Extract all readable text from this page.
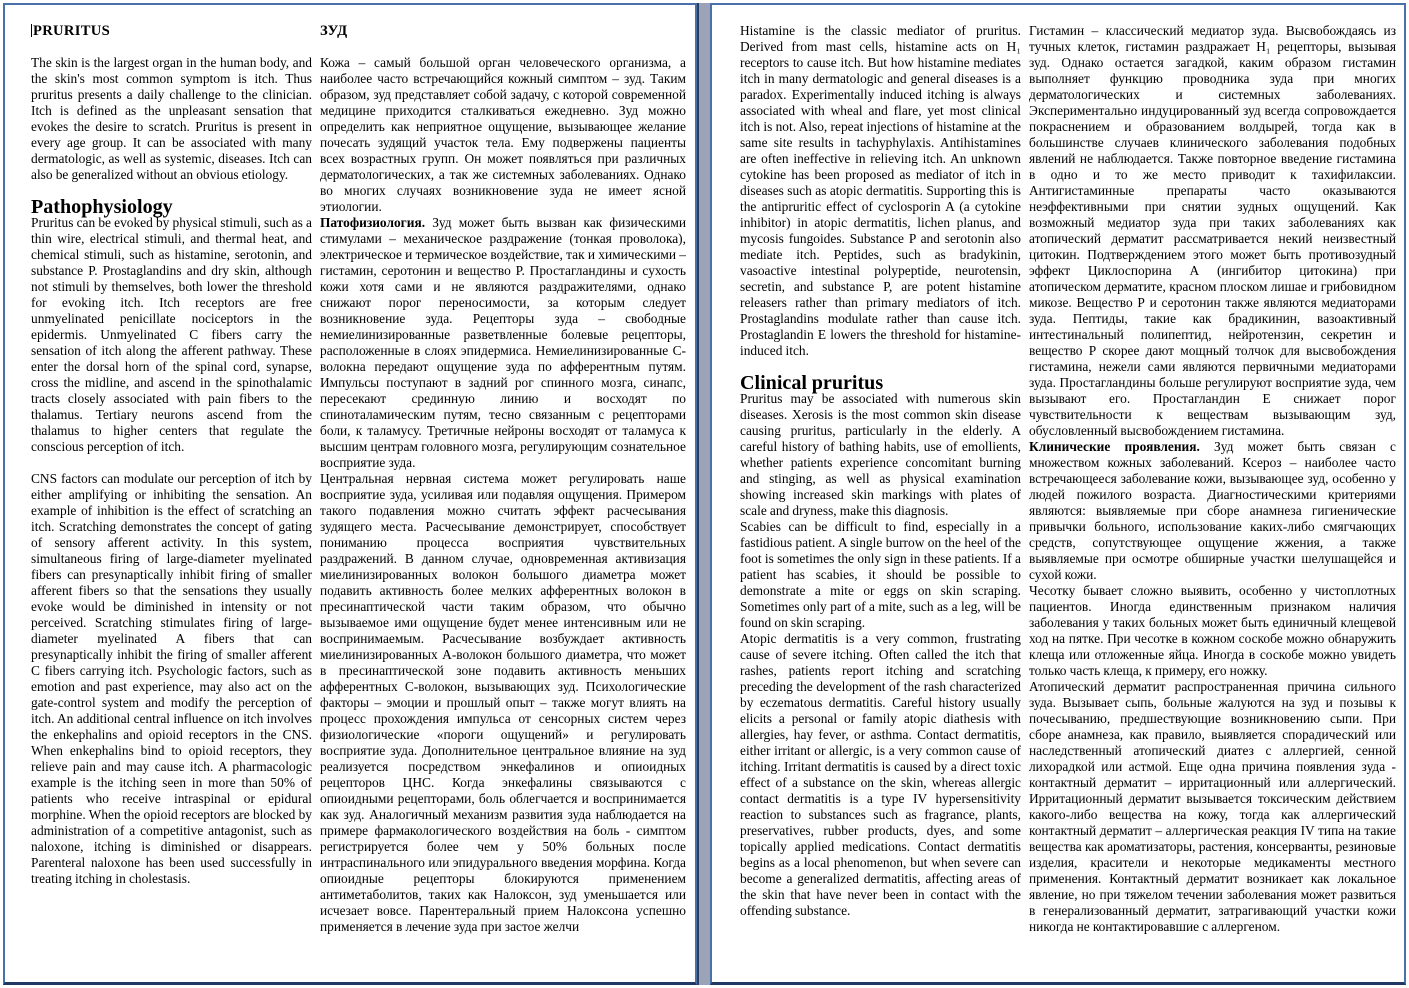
PRURITUS

The skin is the largest organ in the human body, and the skin's most common symptom is itch. Thus pruritus presents a daily challenge to the clinician. Itch is defined as the unpleasant sensation that evokes the desire to scratch. Pruritus is present in every age group. It can be associated with many dermatologic, as well as systemic, diseases. Itch can also be generalized without an obvious etiology.

Pathophysiology

Pruritus can be evoked by physical stimuli, such as a thin wire, electrical stimuli, and thermal heat, and chemical stimuli, such as histamine, serotonin, and substance P. Prostaglandins and dry skin, although not stimuli by themselves, both lower the threshold for evoking itch. Itch receptors are free unmyelinated penicillate nociceptors in the epidermis. Unmyelinated C fibers carry the sensation of itch along the afferent pathway. These enter the dorsal horn of the spinal cord, synapse, cross the midline, and ascend in the spinothalamic tracts closely associated with pain fibers to the thalamus. Tertiary neurons ascend from the thalamus to higher centers that regulate the conscious perception of itch.

CNS factors can modulate our perception of itch by either amplifying or inhibiting the sensation. An example of inhibition is the effect of scratching an itch. Scratching demonstrates the concept of gating of sensory afferent activity. In this system, simultaneous firing of large-diameter myelinated fibers can presynaptically inhibit firing of smaller afferent fibers so that the sensations they usually evoke would be diminished in intensity or not perceived. Scratching stimulates firing of large-diameter myelinated A fibers that can presynaptically inhibit the firing of smaller afferent C fibers carrying itch. Psychologic factors, such as emotion and past experience, may also act on the gate-control system and modify the perception of itch. An additional central influence on itch involves the enkephalins and opioid receptors in the CNS. When enkephalins bind to opioid receptors, they relieve pain and may cause itch. A pharmacologic example is the itching seen in more than 50% of patients who receive intraspinal or epidural morphine. When the opioid receptors are blocked by administration of a competitive antagonist, such as naloxone, itching is diminished or disappears. Parenteral naloxone has been used successfully in treating itching in cholestasis.

ЗУД

Кожа – самый большой орган человеческого организма, а наиболее часто встречающийся кожный симптом – зуд. Таким образом, зуд представляет собой задачу, с которой современной медицине приходится сталкиваться ежедневно. Зуд можно определить как неприятное ощущение, вызывающее желание почесать зудящий участок тела. Ему подвержены пациенты всех возрастных групп. Он может появляться при различных дерматологических, а так же системных заболеваниях. Однако во многих случаях возникновение зуда не имеет ясной этиологии.

Патофизиология. Зуд может быть вызван как физическими стимулами – механическое раздражение (тонкая проволока), электрическое и термическое воздействие, так и химическими – гистамин, серотонин и вещество P. Простагландины и сухость кожи хотя сами и не являются раздражителями, однако снижают порог переносимости, за которым следует возникновение зуда. Рецепторы зуда – свободные немиелинизированные разветвленные болевые рецепторы, расположенные в слоях эпидермиса. Немиелинизированные С-волокна передают ощущение зуда по афферентным путям. Импульсы поступают в задний рог спинного мозга, синапс, пересекают срединную линию и восходят по спиноталамическим путям, тесно связанным с рецепторами боли, к таламусу. Третичные нейроны восходят от таламуса к высшим центрам головного мозга, регулирующим сознательное восприятие зуда.

Центральная нервная система может регулировать наше восприятие зуда, усиливая или подавляя ощущения. Примером такого подавления можно считать эффект расчесывания зудящего места. Расчесывание демонстрирует, способствует пониманию процесса восприятия чувствительных раздражений. В данном случае, одновременная активизация миелинизированных волокон большого диаметра может подавить активность более мелких афферентных волокон в пресинаптической части таким образом, что обычно вызываемое ими ощущение будет менее интенсивным или не воспринимаемым. Расчесывание возбуждает активность миелинизированных А-волокон большого диаметра, что может в пресинаптической зоне подавить активность меньших афферентных С-волокон, вызывающих зуд. Психологические факторы – эмоции и прошлый опыт – также могут влиять на процесс прохождения импульса от сенсорных систем через физиологические «пороги ощущений» и регулировать восприятие зуда. Дополнительное центральное влияние на зуд реализуется посредством энкефалинов и опиоидных рецепторов ЦНС. Когда энкефалины связываются с опиоидными рецепторами, боль облегчается и воспринимается как зуд. Аналогичный механизм развития зуда наблюдается на примере фармакологического воздействия на боль - симптом регистрируется более чем у 50% больных после интраспинального или эпидурального введения морфина. Когда опиоидные рецепторы блокируются применением антиметаболитов, таких как Налоксон, зуд уменьшается или исчезает вовсе. Парентеральный прием Налоксона успешно применяется в лечение зуда при застое желчи

Histamine is the classic mediator of pruritus. Derived from mast cells, histamine acts on H₁ receptors to cause itch. But how histamine mediates itch in many dermatologic and general diseases is a paradox. Experimentally induced itching is always associated with wheal and flare, yet most clinical itch is not. Also, repeat injections of histamine at the same site results in tachyphylaxis. Antihistamines are often ineffective in relieving itch. An unknown cytokine has been proposed as mediator of itch in diseases such as atopic dermatitis. Supporting this is the antipruritic effect of cyclosporin A (a cytokine inhibitor) in atopic dermatitis, lichen planus, and mycosis fungoides. Substance P and serotonin also mediate itch. Peptides, such as bradykinin, vasoactive intestinal polypeptide, neurotensin, secretin, and substance P, are potent histamine releasers rather than primary mediators of itch. Prostaglandins modulate rather than cause itch. Prostaglandin E lowers the threshold for histamine-induced itch.

Clinical pruritus

Pruritus may be associated with numerous skin diseases. Xerosis is the most common skin disease causing pruritus, particularly in the elderly. A careful history of bathing habits, use of emollients, whether patients experience concomitant burning and stinging, as well as physical examination showing increased skin markings with plates of scale and dryness, make this diagnosis.

Scabies can be difficult to find, especially in a fastidious patient. A single burrow on the heel of the foot is sometimes the only sign in these patients. If a patient has scabies, it should be possible to demonstrate a mite or eggs on skin scraping. Sometimes only part of a mite, such as a leg, will be found on skin scraping.

Atopic dermatitis is a very common, frustrating cause of severe itching. Often called the itch that rashes, patients report itching and scratching preceding the development of the rash characterized by eczematous dermatitis. Careful history usually elicits a personal or family atopic diathesis with allergies, hay fever, or asthma. Contact dermatitis, either irritant or allergic, is a very common cause of itching. Irritant dermatitis is caused by a direct toxic effect of a substance on the skin, whereas allergic contact dermatitis is a type IV hypersensitivity reaction to substances such as fragrance, plants, preservatives, rubber products, dyes, and some topically applied medications. Contact dermatitis begins as a local phenomenon, but when severe can become a generalized dermatitis, affecting areas of the skin that have never been in contact with the offending substance.

Гистамин – классический медиатор зуда. Высвобождаясь из тучных клеток, гистамин раздражает H₁ рецепторы, вызывая зуд. Однако остается загадкой, каким образом гистамин выполняет функцию проводника зуда при многих дерматологических и системных заболеваниях. Экспериментально индуцированный зуд всегда сопровождается покраснением и образованием волдырей, тогда как в большинстве случаев клинического заболевания подобных явлений не наблюдается. Также повторное введение гистамина в одно и то же место приводит к тахифилаксии. Антигистаминные препараты часто оказываются неэффективными при снятии зудных ощущений. Как возможный медиатор зуда при таких заболеваниях как атопический дерматит рассматривается некий неизвестный цитокин. Подтверждением этого может быть противозудный эффект Циклоспорина А (ингибитор цитокина) при атопическом дерматите, красном плоском лишае и грибовидном микозе. Вещество Р и серотонин также являются медиаторами зуда. Пептиды, такие как брадикинин, вазоактивный интестинальный полипептид, нейротензин, секретин и вещество Р скорее дают мощный толчок для высвобождения гистамина, нежели сами являются первичными медиаторами зуда. Простагландины больше регулируют восприятие зуда, чем вызывают его. Простагландин Е снижает порог чувствительности к веществам вызывающим зуд, обусловленный высвобождением гистамина.

Клинические проявления. Зуд может быть связан с множеством кожных заболеваний. Ксероз – наиболее часто встречающееся заболевание кожи, вызывающее зуд, особенно у людей пожилого возраста. Диагностическими критериями являются: выявляемые при сборе анамнеза гигиенические привычки больного, использование каких-либо смягчающих средств, сопутствующее ощущение жжения, а также выявляемые при осмотре обширные участки шелушащейся и сухой кожи.

Чесотку бывает сложно выявить, особенно у чистоплотных пациентов. Иногда единственным признаком наличия заболевания у таких больных может быть единичный клещевой ход на пятке. При чесотке в кожном соскобе можно обнаружить клеща или отложенные яйца. Иногда в соскобе можно увидеть только часть клеща, к примеру, его ножку.

Атопический дерматит распространенная причина сильного зуда. Вызывает сыпь, больные жалуются на зуд и позывы к почесыванию, предшествующие возникновению сыпи. При сборе анамнеза, как правило, выявляется спорадический или наследственный атопический диатез с аллергией, сенной лихорадкой или астмой. Еще одна причина появления зуда - контактный дерматит – ирритационный или аллергический. Ирритационный дерматит вызывается токсическим действием какого-либо вещества на кожу, тогда как аллергический контактный дерматит – аллергическая реакция IV типа на такие вещества как ароматизаторы, растения, консерванты, резиновые изделия, красители и некоторые медикаменты местного применения. Контактный дерматит возникает как локальное явление, но при тяжелом течении заболевания может развиться в генерализованный дерматит, затрагивающий участки кожи никогда не контактировавшие с аллергеном.
